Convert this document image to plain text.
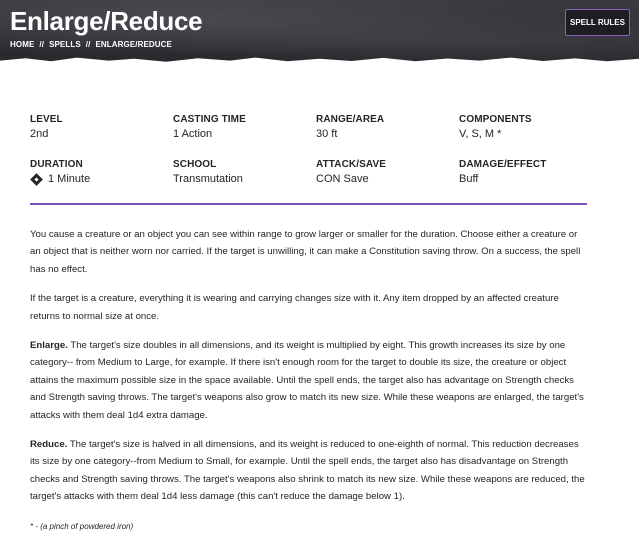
Enlarge/Reduce
HOME // SPELLS // ENLARGE/REDUCE
SPELL RULES
LEVEL
2nd
CASTING TIME
1 Action
RANGE/AREA
30 ft
COMPONENTS
V, S, M *
DURATION
1 Minute
SCHOOL
Transmutation
ATTACK/SAVE
CON Save
DAMAGE/EFFECT
Buff

You cause a creature or an object you can see within range to grow larger or smaller for the duration. Choose either a creature or an object that is neither worn nor carried. If the target is unwilling, it can make a Constitution saving throw. On a success, the spell has no effect.

If the target is a creature, everything it is wearing and carrying changes size with it. Any item dropped by an affected creature returns to normal size at once.

Enlarge. The target's size doubles in all dimensions, and its weight is multiplied by eight. This growth increases its size by one category-- from Medium to Large, for example. If there isn't enough room for the target to double its size, the creature or object attains the maximum possible size in the space available. Until the spell ends, the target also has advantage on Strength checks and Strength saving throws. The target's weapons also grow to match its new size. While these weapons are enlarged, the target's attacks with them deal 1d4 extra damage.

Reduce. The target's size is halved in all dimensions, and its weight is reduced to one-eighth of normal. This reduction decreases its size by one category--from Medium to Small, for example. Until the spell ends, the target also has disadvantage on Strength checks and Strength saving throws. The target's weapons also shrink to match its new size. While these weapons are reduced, the target's attacks with them deal 1d4 less damage (this can't reduce the damage below 1).

* - (a pinch of powdered iron)
